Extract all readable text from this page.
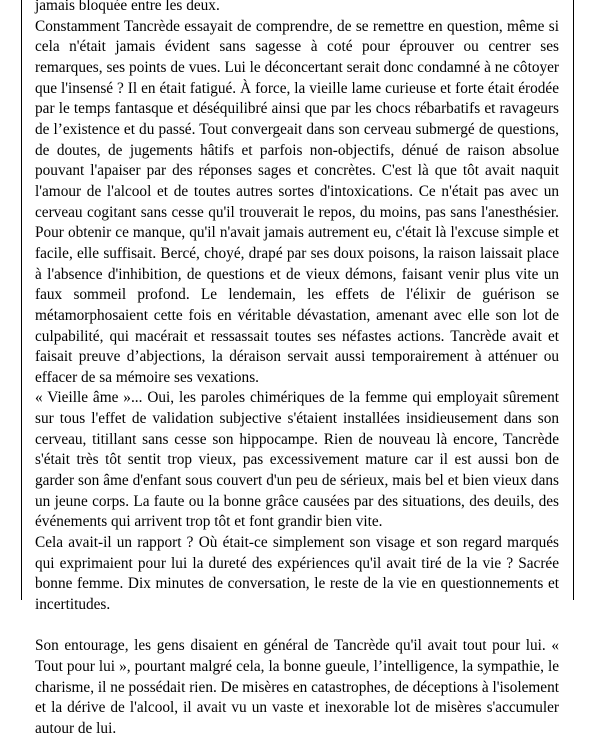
jamais bloquée entre les deux.

Constamment Tancrède essayait de comprendre, de se remettre en question, même si cela n'était jamais évident sans sagesse à coté pour éprouver ou centrer ses remarques, ses points de vues. Lui le déconcertant serait donc condamné à ne côtoyer que l'insensé ? Il en était fatigué. À force, la vieille lame curieuse et forte était érodée par le temps fantasque et déséquilibré ainsi que par les chocs rébarbatifs et ravageurs de l’existence et du passé. Tout convergeait dans son cerveau submergé de questions, de doutes, de jugements hâtifs et parfois non-objectifs, dénué de raison absolue pouvant l'apaiser par des réponses sages et concrètes. C'est là que tôt avait naquit l'amour de l'alcool et de toutes autres sortes d'intoxications. Ce n'était pas avec un cerveau cogitant sans cesse qu'il trouverait le repos, du moins, pas sans l'anesthésier. Pour obtenir ce manque, qu'il n'avait jamais autrement eu, c'était là l'excuse simple et facile, elle suffisait. Bercé, choyé, drapé par ses doux poisons, la raison laissait place à l'absence d'inhibition, de questions et de vieux démons, faisant venir plus vite un faux sommeil profond. Le lendemain, les effets de l'élixir de guérison se métamorphosaient cette fois en véritable dévastation, amenant avec elle son lot de culpabilité, qui macérait et ressassait toutes ses néfastes actions. Tancrède avait et faisait preuve d’abjections, la déraison servait aussi temporairement à atténuer ou effacer de sa mémoire ses vexations.

« Vieille âme »... Oui, les paroles chimériques de la femme qui employait sûrement sur tous l'effet de validation subjective s'étaient installées insidieusement dans son cerveau, titillant sans cesse son hippocampe. Rien de nouveau là encore, Tancrède s'était très tôt sentit trop vieux, pas excessivement mature car il est aussi bon de garder son âme d'enfant sous couvert d'un peu de sérieux, mais bel et bien vieux dans un jeune corps. La faute ou la bonne grâce causées par des situations, des deuils, des événements qui arrivent trop tôt et font grandir bien vite.

Cela avait-il un rapport ? Où était-ce simplement son visage et son regard marqués qui exprimaient pour lui la dureté des expériences qu'il avait tiré de la vie ? Sacrée bonne femme. Dix minutes de conversation, le reste de la vie en questionnements et incertitudes.

Son entourage, les gens disaient en général de Tancrède qu'il avait tout pour lui. « Tout pour lui », pourtant malgré cela, la bonne gueule, l’intelligence, la sympathie, le charisme, il ne possédait rien. De misères en catastrophes, de déceptions à l'isolement et la dérive de l'alcool, il avait vu un vaste et inexorable lot de misères s'accumuler autour de lui.
